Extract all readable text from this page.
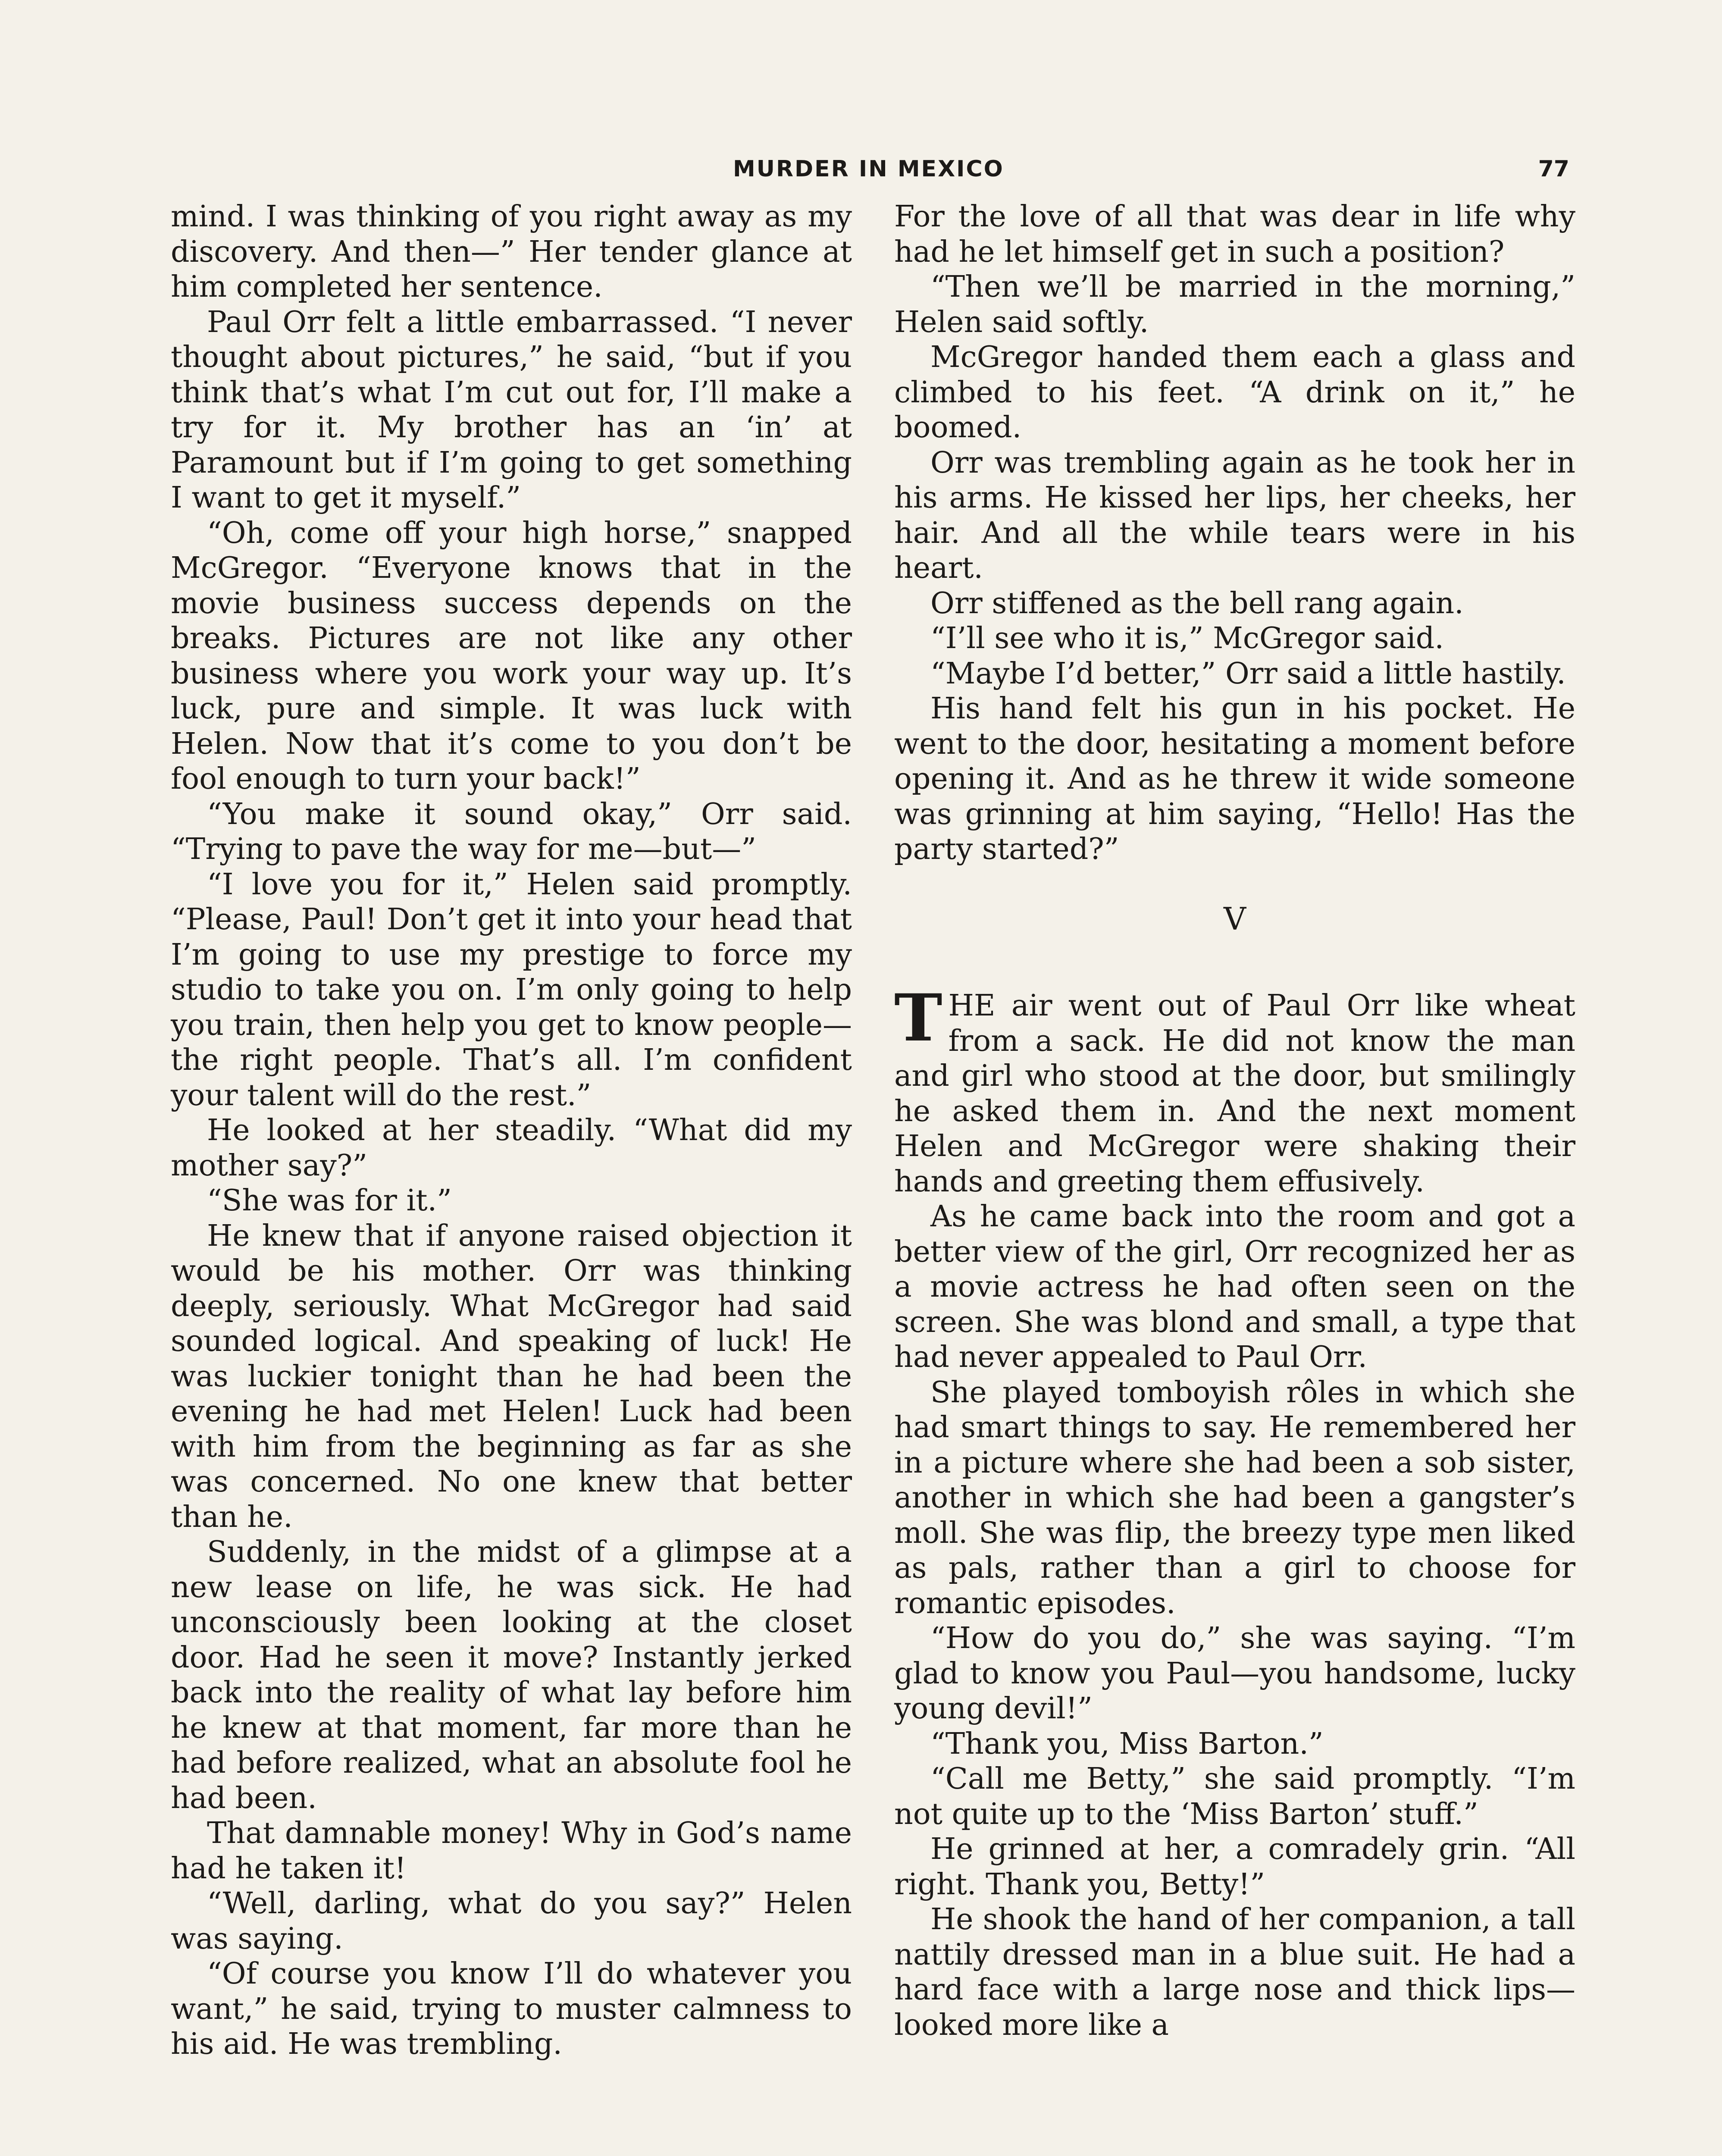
MURDER IN MEXICO	77

mind. I was thinking of you right away as my discovery. And then—” Her tender glance at him completed her sentence.

Paul Orr felt a little embarrassed. “I never thought about pictures,” he said, “but if you think that’s what I’m cut out for, I’ll make a try for it. My brother has an ‘in’ at Paramount but if I’m going to get something I want to get it myself.”

“Oh, come off your high horse,” snapped McGregor. “Everyone knows that in the movie business success depends on the breaks. Pictures are not like any other business where you work your way up. It’s luck, pure and simple. It was luck with Helen. Now that it’s come to you don’t be fool enough to turn your back!”

“You make it sound okay,” Orr said. “Trying to pave the way for me—but—”

“I love you for it,” Helen said promptly. “Please, Paul! Don’t get it into your head that I’m going to use my prestige to force my studio to take you on. I’m only going to help you train, then help you get to know people—the right people. That’s all. I’m confident your talent will do the rest.”

He looked at her steadily. “What did my mother say?”

“She was for it.”

He knew that if anyone raised objection it would be his mother. Orr was thinking deeply, seriously. What McGregor had said sounded logical. And speaking of luck! He was luckier tonight than he had been the evening he had met Helen! Luck had been with him from the beginning as far as she was concerned. No one knew that better than he.

Suddenly, in the midst of a glimpse at a new lease on life, he was sick. He had unconsciously been looking at the closet door. Had he seen it move? Instantly jerked back into the reality of what lay before him he knew at that moment, far more than he had before realized, what an absolute fool he had been.

That damnable money! Why in God’s name had he taken it!

“Well, darling, what do you say?” Helen was saying.

“Of course you know I’ll do whatever you want,” he said, trying to muster calmness to his aid. He was trembling.

For the love of all that was dear in life why had he let himself get in such a position?

“Then we’ll be married in the morning,” Helen said softly.

McGregor handed them each a glass and climbed to his feet. “A drink on it,” he boomed.

Orr was trembling again as he took her in his arms. He kissed her lips, her cheeks, her hair. And all the while tears were in his heart.

Orr stiffened as the bell rang again.

“I’ll see who it is,” McGregor said.

“Maybe I’d better,” Orr said a little hastily.

His hand felt his gun in his pocket. He went to the door, hesitating a moment before opening it. And as he threw it wide someone was grinning at him saying, “Hello! Has the party started?”

V

THE air went out of Paul Orr like wheat from a sack. He did not know the man and girl who stood at the door, but smilingly he asked them in. And the next moment Helen and McGregor were shaking their hands and greeting them effusively.

As he came back into the room and got a better view of the girl, Orr recognized her as a movie actress he had often seen on the screen. She was blond and small, a type that had never appealed to Paul Orr.

She played tomboyish rôles in which she had smart things to say. He remembered her in a picture where she had been a sob sister, another in which she had been a gangster’s moll. She was flip, the breezy type men liked as pals, rather than a girl to choose for romantic episodes.

“How do you do,” she was saying. “I’m glad to know you Paul—you handsome, lucky young devil!”

“Thank you, Miss Barton.”

“Call me Betty,” she said promptly. “I’m not quite up to the ‘Miss Barton’ stuff.”

He grinned at her, a comradely grin. “All right. Thank you, Betty!”

He shook the hand of her companion, a tall nattily dressed man in a blue suit. He had a hard face with a large nose and thick lips—looked more like a
